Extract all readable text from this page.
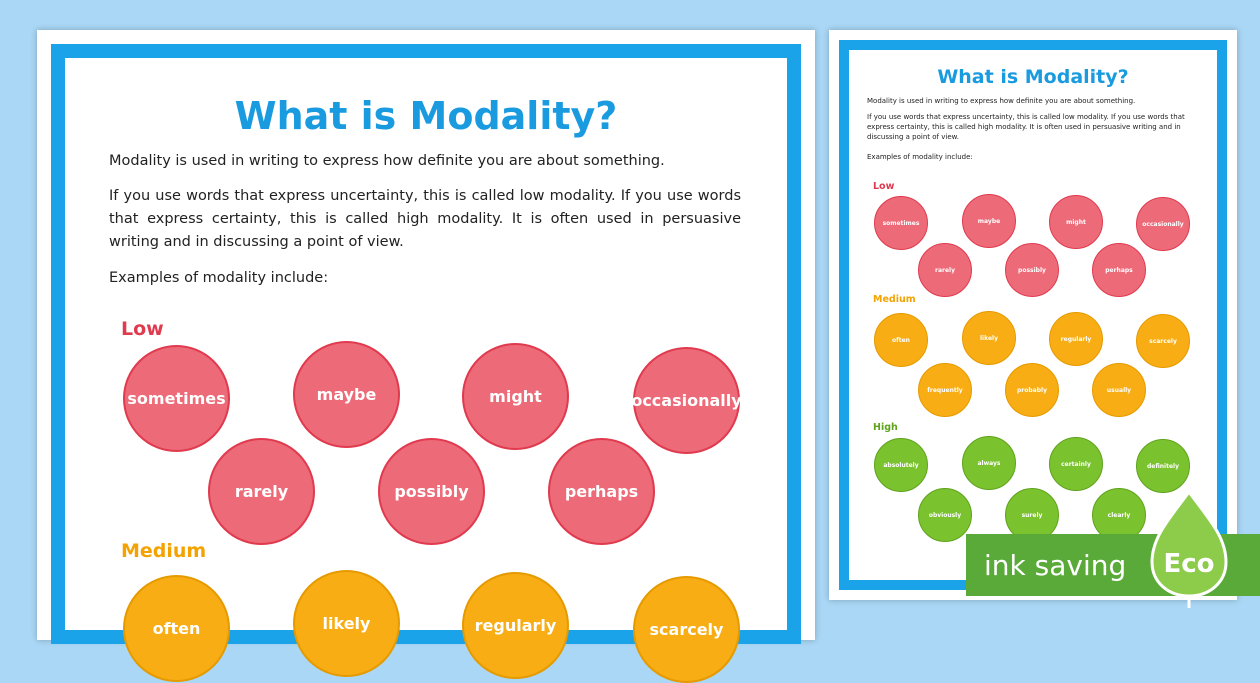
What is Modality?

Modality is used in writing to express how definite you are about something.

If you use words that express uncertainty, this is called low modality. If you use words that express certainty, this is called high modality. It is often used in persuasive writing and in discussing a point of view.

Examples of modality include:

Low
sometimes	maybe	might	occasionally
rarely	possibly	perhaps
Medium
often	likely	regularly	scarcely
What is Modality?

Modality is used in writing to express how definite you are about something.

If you use words that express uncertainty, this is called low modality. If you use words that express certainty, this is called high modality. It is often used in persuasive writing and in discussing a point of view.

Examples of modality include:

Low
sometimes	maybe	might	occasionally
rarely	possibly	perhaps
Medium
often	likely	regularly	scarcely
frequently	probably	usually
High
absolutely	always	certainly	definitely
obviously	surely	clearly
ink saving Eco
